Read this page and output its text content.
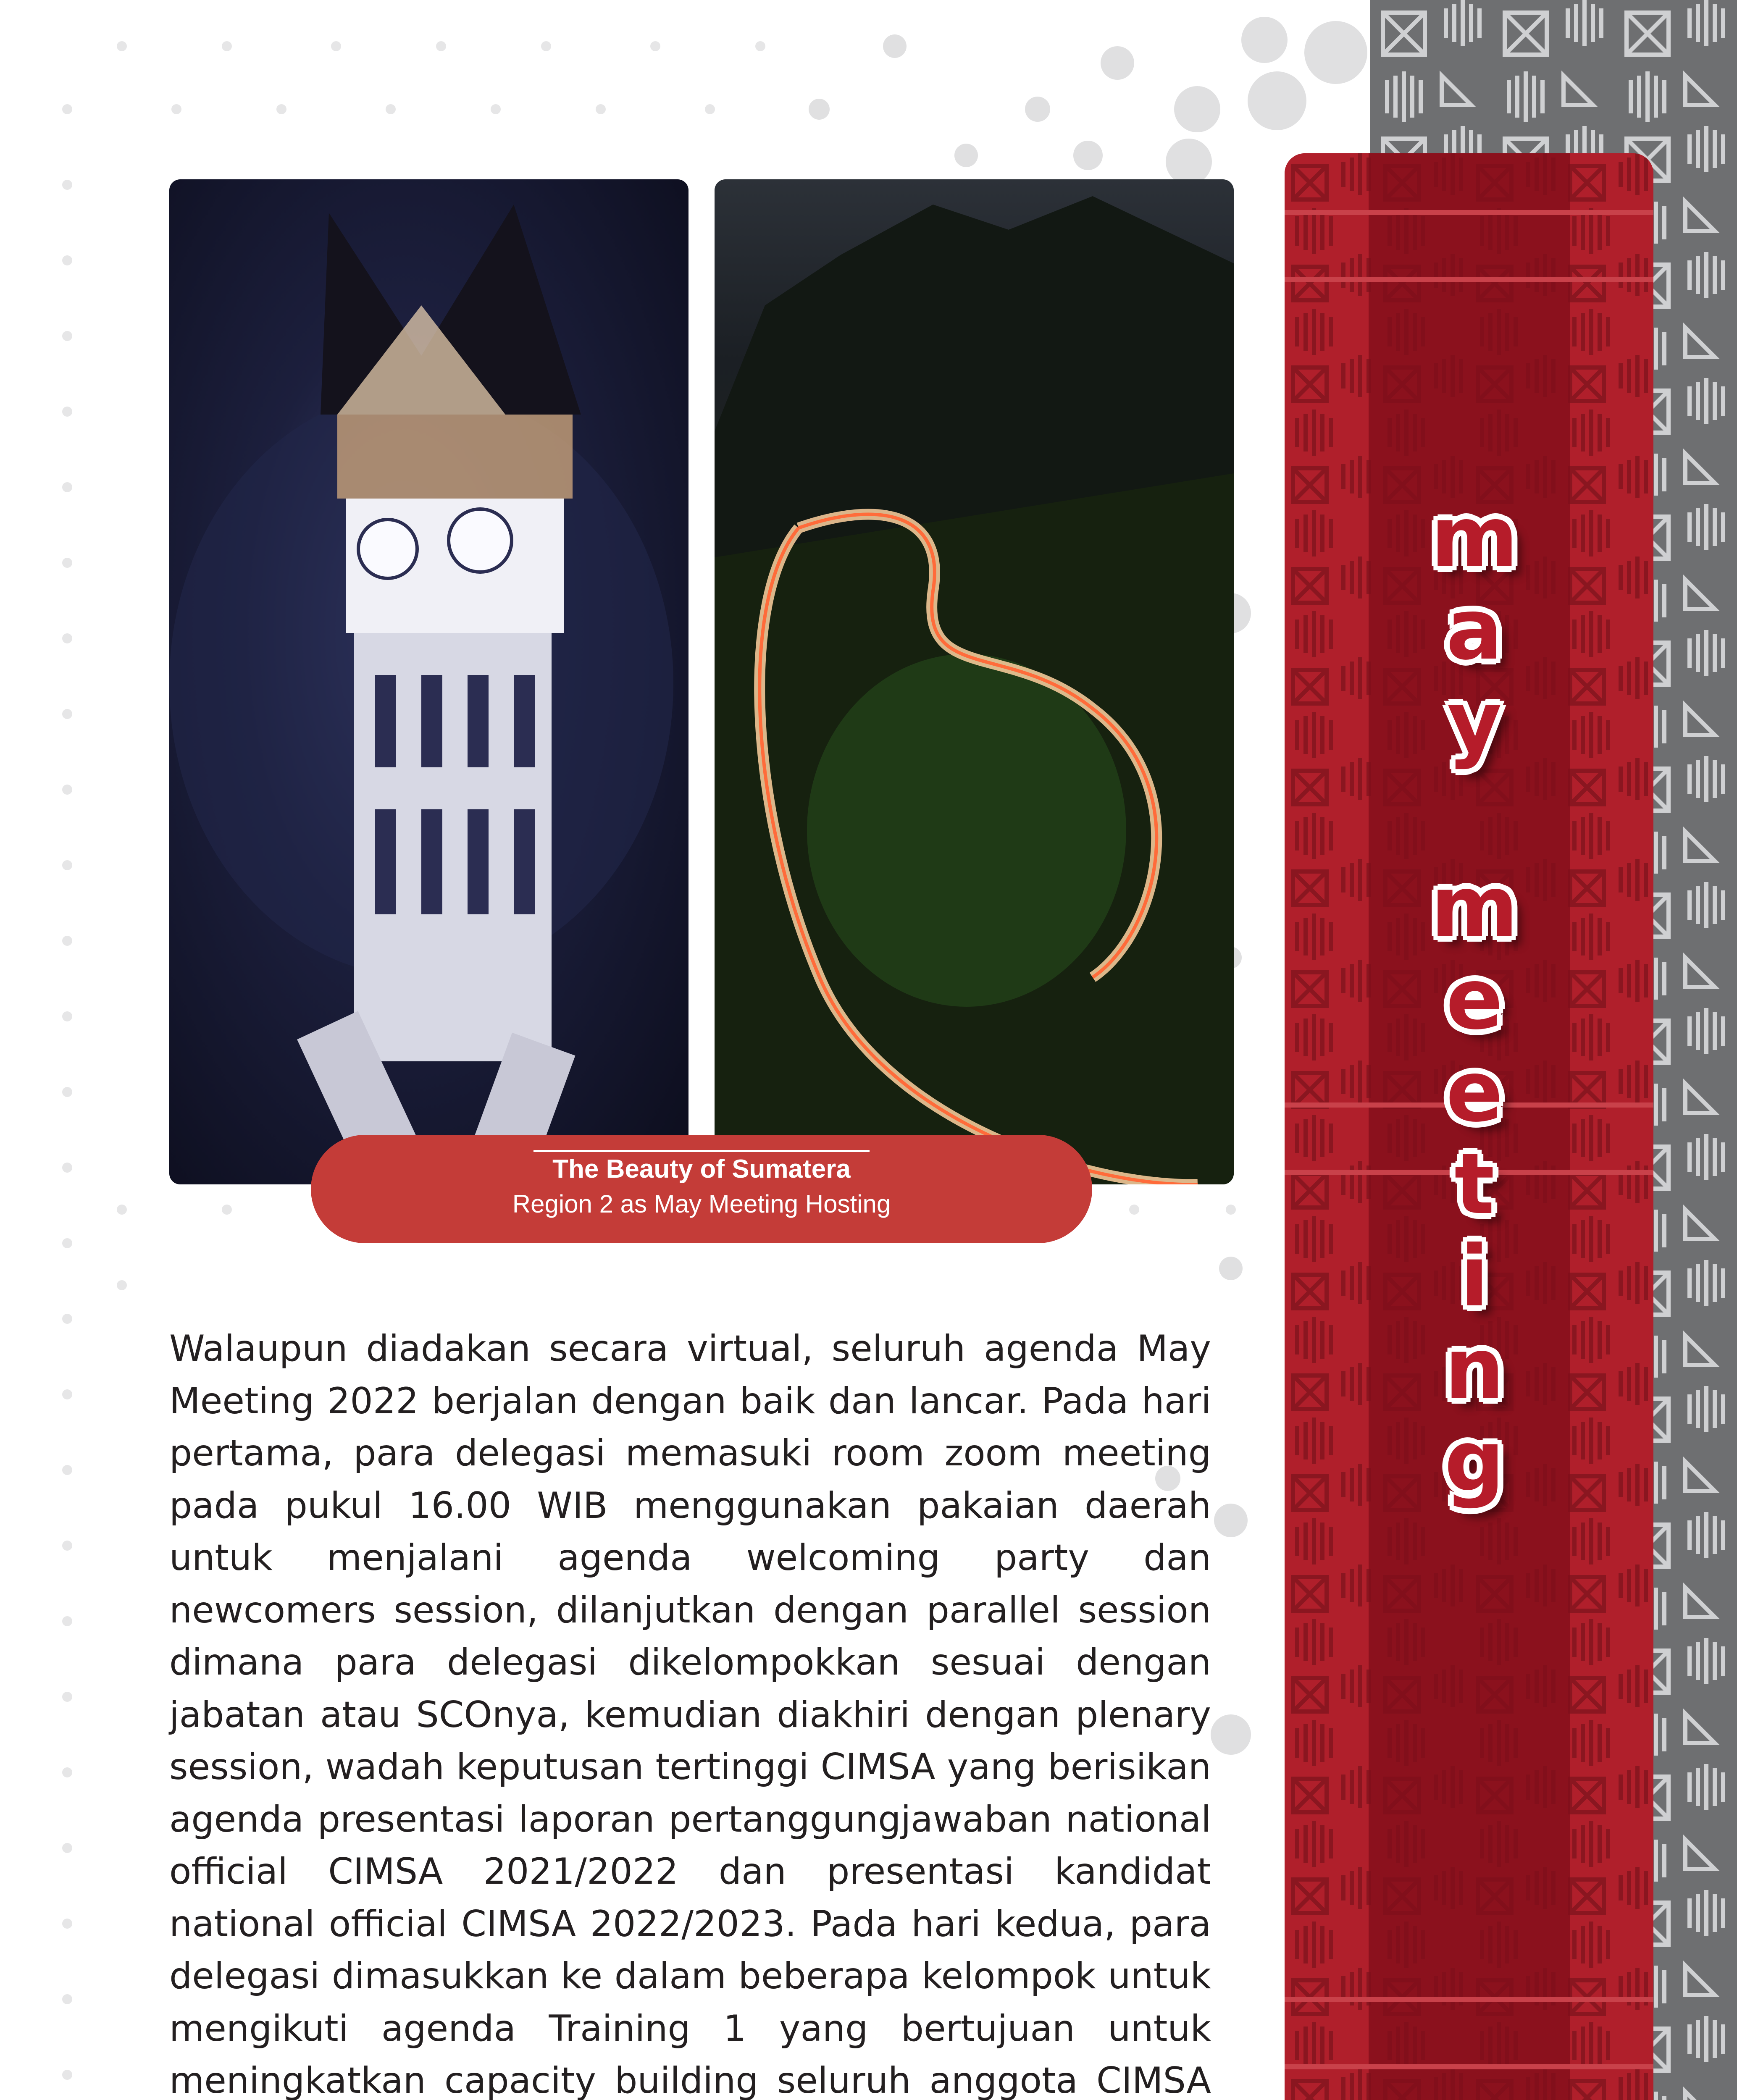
m
a
y
m
e
e
t
i
n
g
The Beauty of Sumatera
Region 2 as May Meeting Hosting
Walaupun diadakan secara virtual, seluruh agenda May Meeting 2022 berjalan dengan baik dan lancar. Pada hari pertama, para delegasi memasuki room zoom meeting pada pukul 16.00 WIB menggunakan pakaian daerah untuk menjalani agenda welcoming party dan newcomers session, dilanjutkan dengan parallel session dimana para delegasi dikelompokkan sesuai dengan jabatan atau SCOnya, kemudian diakhiri dengan plenary session, wadah keputusan tertinggi CIMSA yang berisikan agenda presentasi laporan pertanggungjawaban national official CIMSA 2021/2022 dan presentasi kandidat national official CIMSA 2022/2023. Pada hari kedua, para delegasi dimasukkan ke dalam beberapa kelompok untuk mengikuti agenda Training 1 yang bertujuan untuk meningkatkan capacity building seluruh anggota CIMSA
